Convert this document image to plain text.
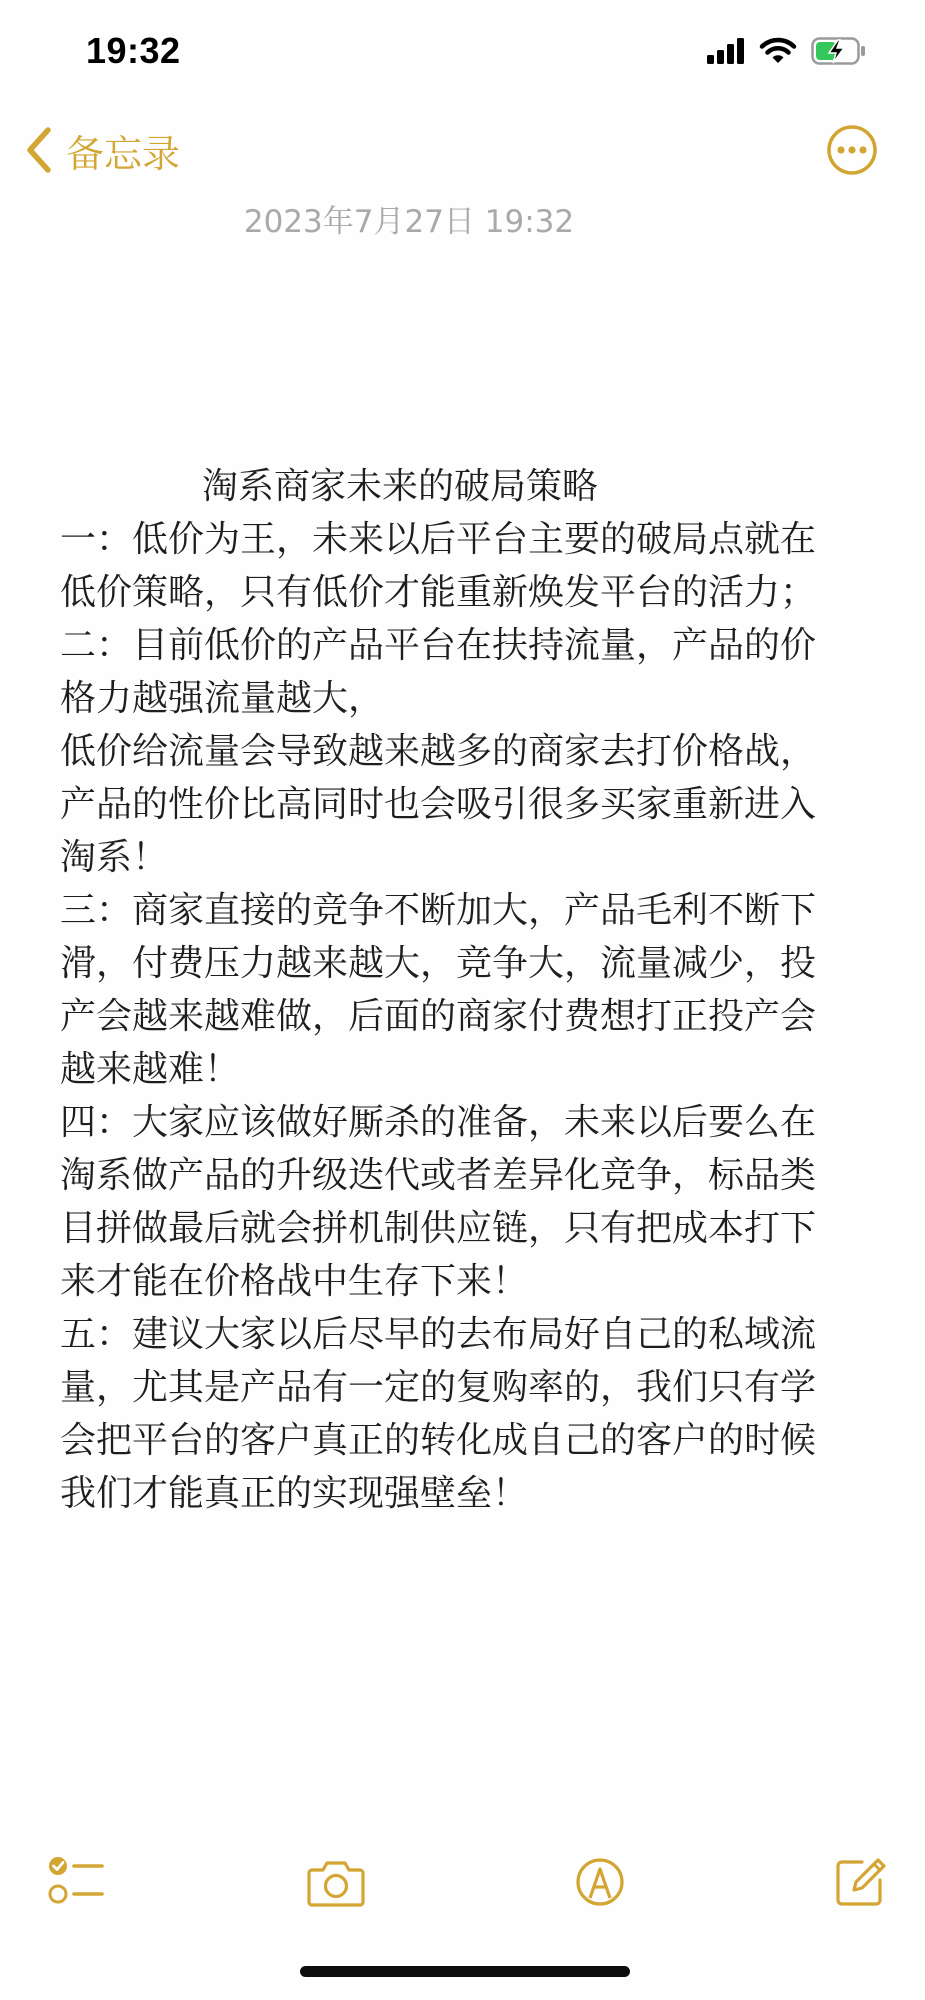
19:32
备忘录
2023年7月27日 19:32
淘系商家未来的破局策略
一：低价为王，未来以后平台主要的破局点就在
低价策略，只有低价才能重新焕发平台的活力；
二：目前低价的产品平台在扶持流量，产品的价
格力越强流量越大，
低价给流量会导致越来越多的商家去打价格战，
产品的性价比高同时也会吸引很多买家重新进入
淘系！
三：商家直接的竞争不断加大，产品毛利不断下
滑，付费压力越来越大，竞争大，流量减少，投
产会越来越难做，后面的商家付费想打正投产会
越来越难！
四：大家应该做好厮杀的准备，未来以后要么在
淘系做产品的升级迭代或者差异化竞争，标品类
目拼做最后就会拼机制供应链，只有把成本打下
来才能在价格战中生存下来！
五：建议大家以后尽早的去布局好自己的私域流
量，尤其是产品有一定的复购率的，我们只有学
会把平台的客户真正的转化成自己的客户的时候
我们才能真正的实现强壁垒！
